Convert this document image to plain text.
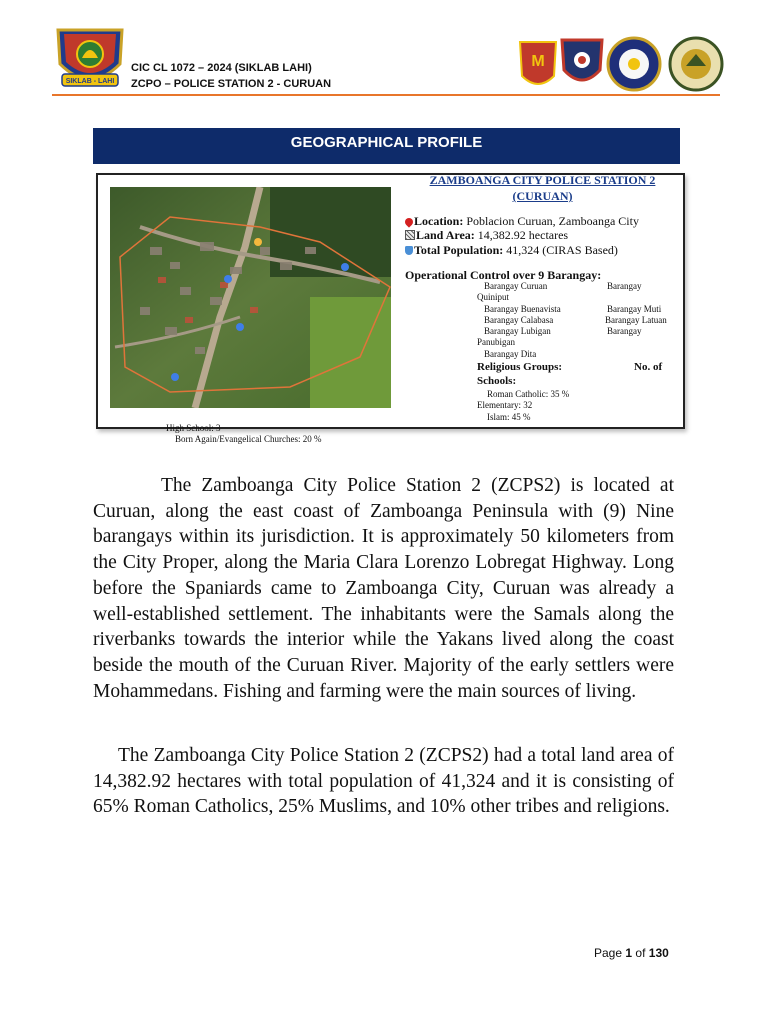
SIKLAB - LAHI
CIC CL 1072 – 2024 (SIKLAB LAHI)
ZCPO – POLICE STATION 2 - CURUAN
M
GEOGRAPHICAL PROFILE
ZAMBOANGA CITY POLICE STATION 2
(CURUAN)
Location: Poblacion Curuan, Zamboanga City
Land Area: 14,382.92 hectares
Total Population: 41,324 (CIRAS Based)
Operational Control over 9 Barangay:
Barangay Curuan	Barangay
Quiniput
Barangay Buenavista	Barangay Muti
Barangay Calabasa	Barangay Latuan
Barangay Lubigan	Barangay
Panubigan
Barangay Dita
Religious Groups:	No. of
Schools:
Roman Catholic: 35 %
Elementary: 32
Islam: 45 %
High School: 3
Born Again/Evangelical Churches: 20 %
The Zamboanga City Police Station 2 (ZCPS2) is located at Curuan, along the east coast of Zamboanga Peninsula with (9) Nine barangays within its jurisdiction. It is approximately 50 kilometers from the City Proper, along the Maria Clara Lorenzo Lobregat Highway. Long before the Spaniards came to Zamboanga City, Curuan was already a well-established settlement. The inhabitants were the Samals along the riverbanks towards the interior while the Yakans lived along the coast beside the mouth of the Curuan River. Majority of the early settlers were Mohammedans. Fishing and farming were the main sources of living.
The Zamboanga City Police Station 2 (ZCPS2) had a total land area of 14,382.92 hectares with total population of 41,324 and it is consisting of 65% Roman Catholics, 25% Muslims, and 10% other tribes and religions.
Page 1 of 130
